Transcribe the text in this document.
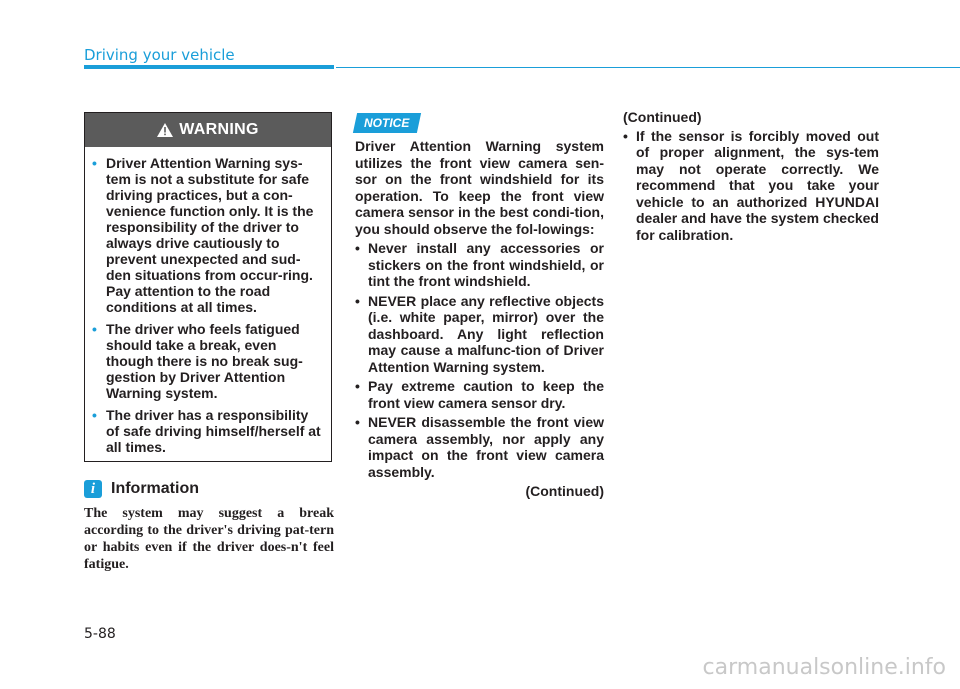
Driving your vehicle
WARNING
• Driver Attention Warning sys-tem is not a substitute for safe driving practices, but a con-venience function only. It is the responsibility of the driver to always drive cautiously to prevent unexpected and sud-den situations from occur-ring. Pay attention to the road conditions at all times.
• The driver who feels fatigued should take a break, even though there is no break sug-gestion by Driver Attention Warning system.
• The driver has a responsibility of safe driving himself/herself at all times.
i Information
The system may suggest a break according to the driver's driving pat-tern or habits even if the driver does-n't feel fatigue.
NOTICE

Driver Attention Warning system utilizes the front view camera sen-sor on the front windshield for its operation. To keep the front view camera sensor in the best condi-tion, you should observe the fol-lowings:

• Never install any accessories or stickers on the front windshield, or tint the front windshield.
• NEVER place any reflective objects (i.e. white paper, mirror) over the dashboard. Any light reflection may cause a malfunc-tion of Driver Attention Warning system.
• Pay extreme caution to keep the front view camera sensor dry.
• NEVER disassemble the front view camera assembly, nor apply any impact on the front view camera assembly.
(Continued)

(Continued)

• If the sensor is forcibly moved out of proper alignment, the sys-tem may not operate correctly. We recommend that you take your vehicle to an authorized HYUNDAI dealer and have the system checked for calibration.
5-88
carmanualsonline.info
